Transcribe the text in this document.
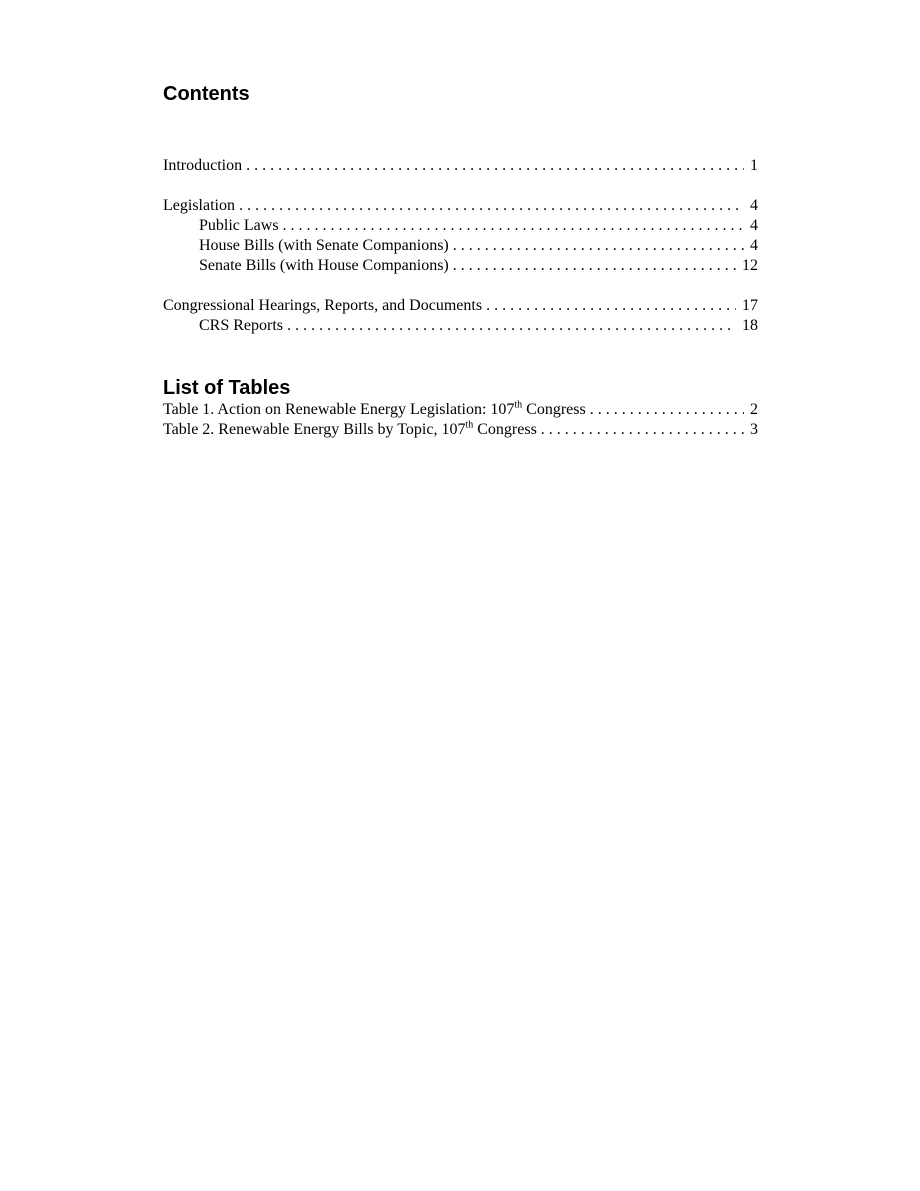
Contents
Introduction . . .	1
Legislation . . .	4
Public Laws . . .	4
House Bills (with Senate Companions) . . .	4
Senate Bills (with House Companions) . . .	12
Congressional Hearings, Reports, and Documents . . .	17
CRS Reports . . .	18
List of Tables
Table 1. Action on Renewable Energy Legislation: 107th Congress . . .	2
Table 2. Renewable Energy Bills by Topic, 107th Congress . . .	3
